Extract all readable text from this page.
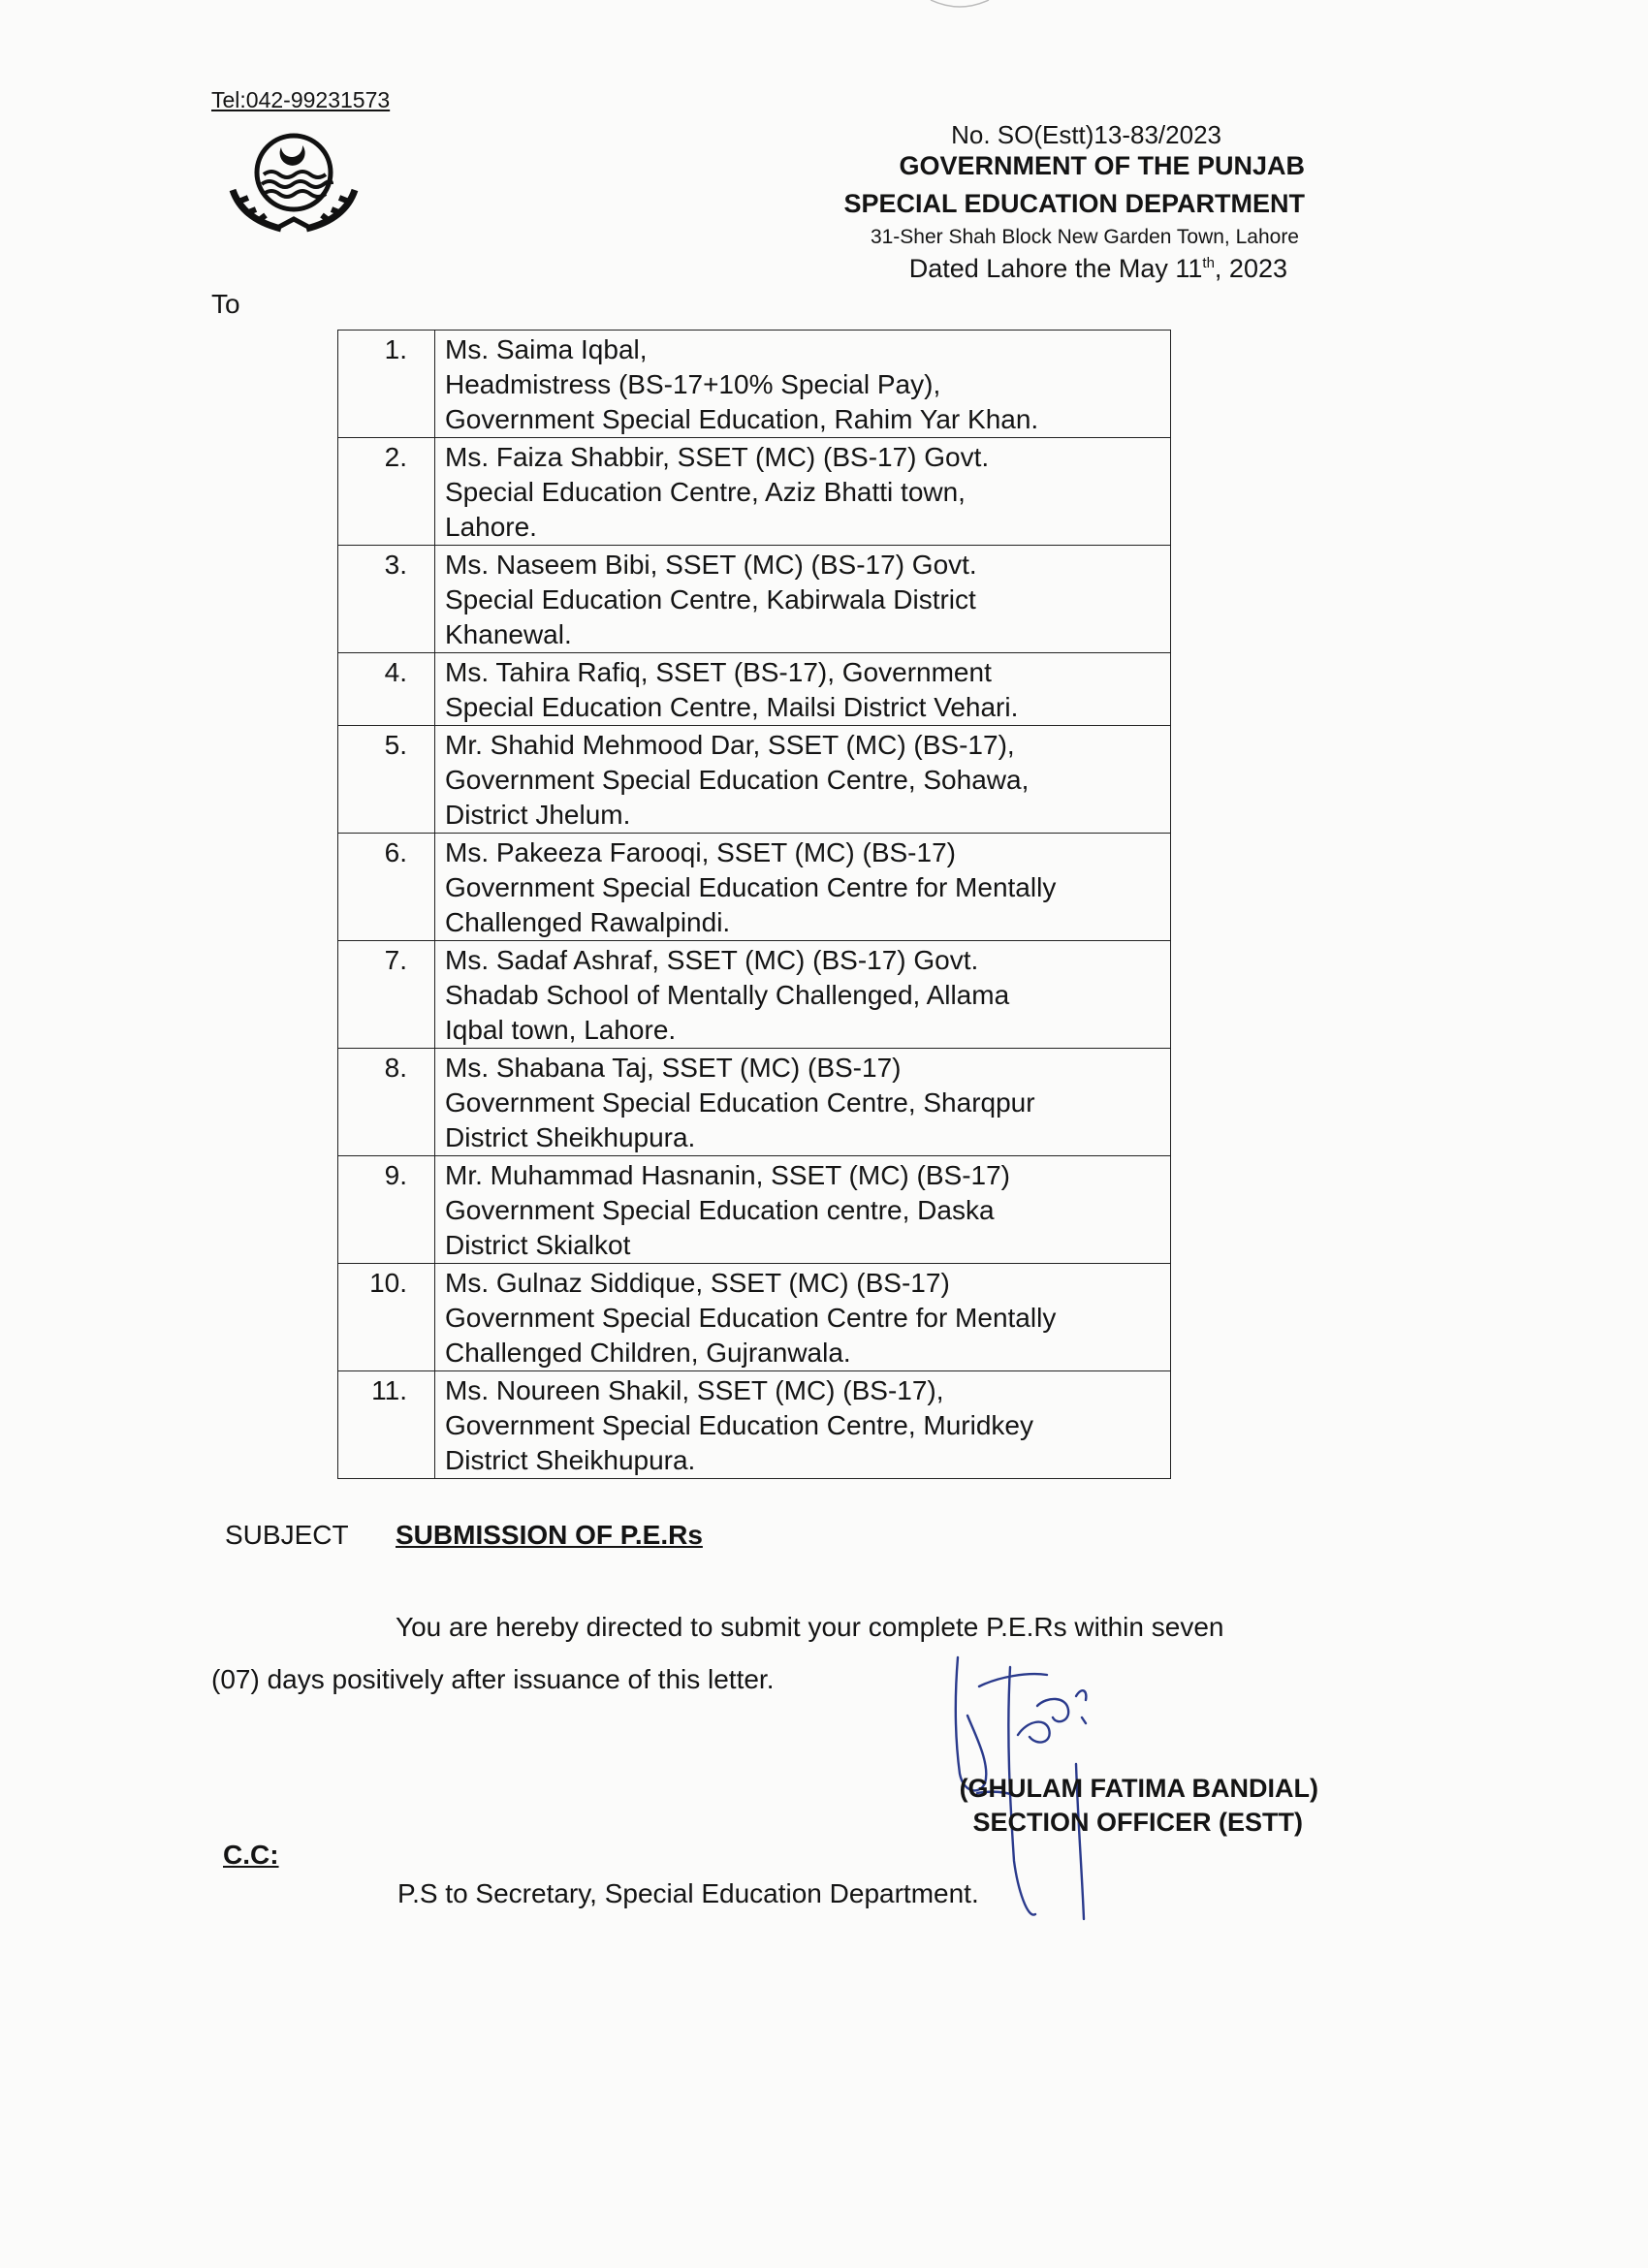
Tel:042-99231573
No. SO(Estt)13-83/2023
GOVERNMENT OF THE PUNJAB
SPECIAL EDUCATION DEPARTMENT
31-Sher Shah Block New Garden Town, Lahore
Dated Lahore the May 11th, 2023
To
1.	Ms. Saima Iqbal,
Headmistress (BS-17+10% Special Pay),
Government Special Education, Rahim Yar Khan.

2.	Ms. Faiza Shabbir, SSET (MC) (BS-17) Govt.
Special Education Centre, Aziz Bhatti town,
Lahore.

3.	Ms. Naseem Bibi, SSET (MC) (BS-17) Govt.
Special Education Centre, Kabirwala District
Khanewal.

4.	Ms. Tahira Rafiq, SSET (BS-17), Government
Special Education Centre, Mailsi District Vehari.

5.	Mr. Shahid Mehmood Dar, SSET (MC) (BS-17),
Government Special Education Centre, Sohawa,
District Jhelum.

6.	Ms. Pakeeza Farooqi, SSET (MC) (BS-17)
Government Special Education Centre for Mentally
Challenged Rawalpindi.

7.	Ms. Sadaf Ashraf, SSET (MC) (BS-17) Govt.
Shadab School of Mentally Challenged, Allama
Iqbal town, Lahore.

8.	Ms. Shabana Taj, SSET (MC) (BS-17)
Government Special Education Centre, Sharqpur
District Sheikhupura.

9.	Mr. Muhammad Hasnanin, SSET (MC) (BS-17)
Government Special Education centre, Daska
District Skialkot

10.	Ms. Gulnaz Siddique, SSET (MC) (BS-17)
Government Special Education Centre for Mentally
Challenged Children, Gujranwala.

11.	Ms. Noureen Shakil, SSET (MC) (BS-17),
Government Special Education Centre, Muridkey
District Sheikhupura.
SUBJECT SUBMISSION OF P.E.Rs
You are hereby directed to submit your complete P.E.Rs within seven
(07) days positively after issuance of this letter.
(GHULAM FATIMA BANDIAL)
SECTION OFFICER (ESTT)
C.C:
P.S to Secretary, Special Education Department.
